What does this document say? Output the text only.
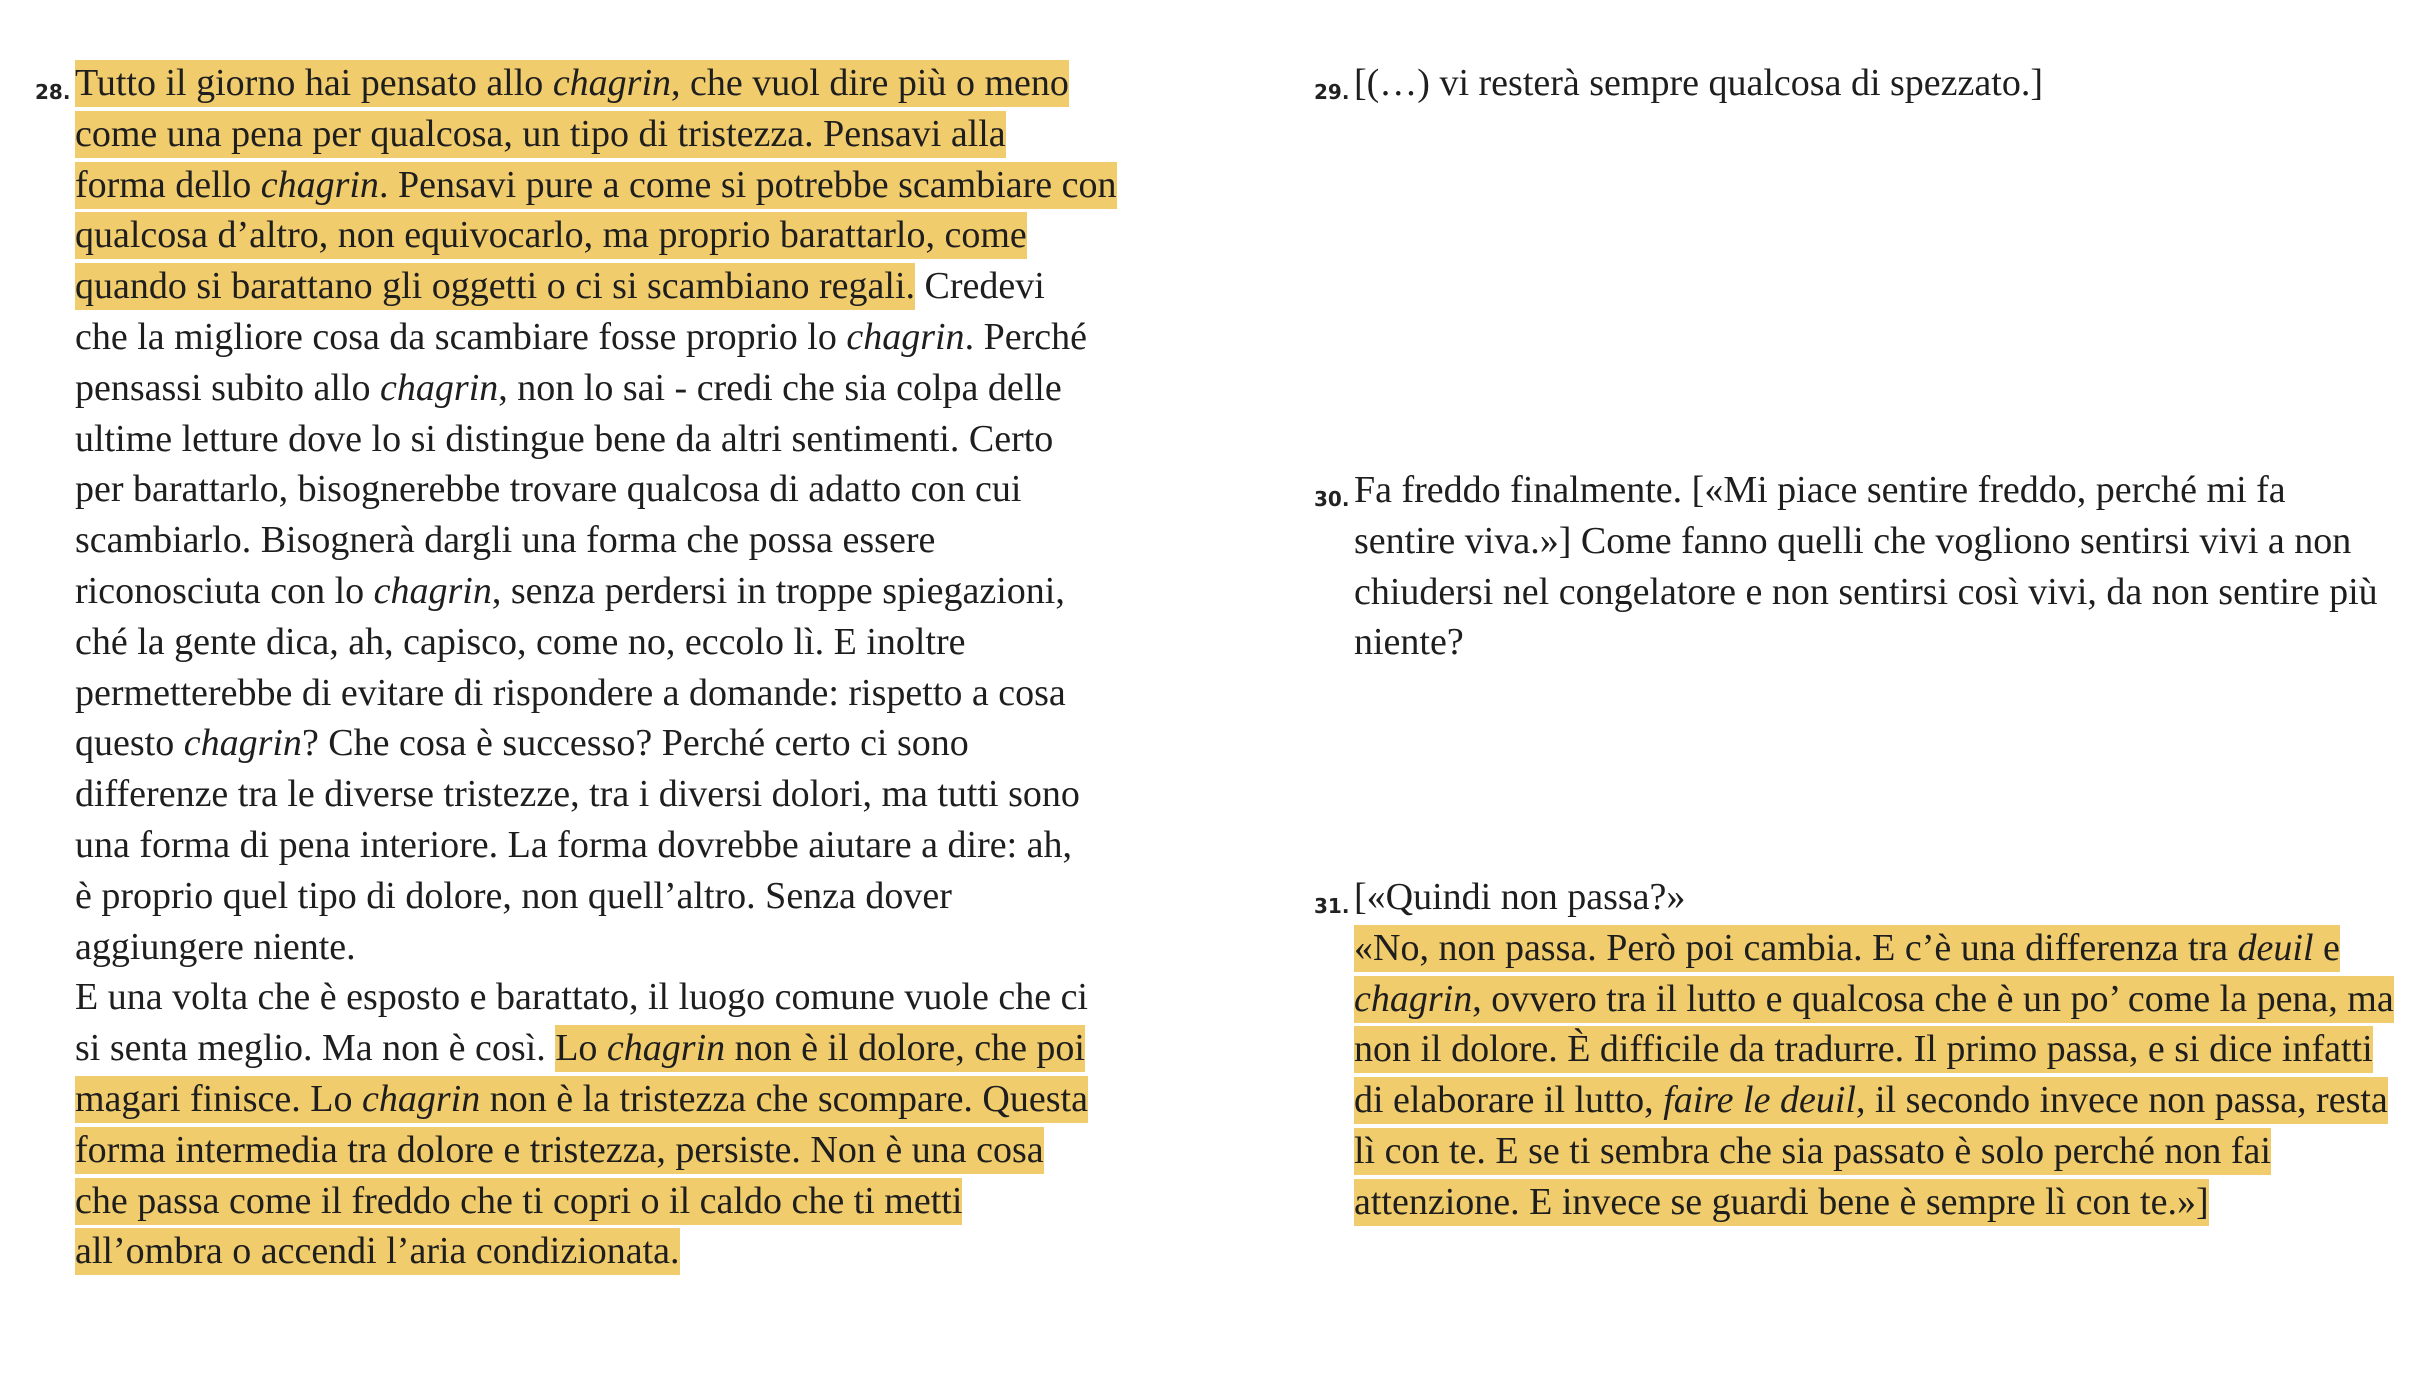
28. Tutto il giorno hai pensato allo chagrin, che vuol dire più o meno
come una pena per qualcosa, un tipo di tristezza. Pensavi alla
forma dello chagrin. Pensavi pure a come si potrebbe scambiare con
qualcosa d’altro, non equivocarlo, ma proprio barattarlo, come
quando si barattano gli oggetti o ci si scambiano regali. Credevi
che la migliore cosa da scambiare fosse proprio lo chagrin. Perché
pensassi subito allo chagrin, non lo sai - credi che sia colpa delle
ultime letture dove lo si distingue bene da altri sentimenti. Certo
per barattarlo, bisognerebbe trovare qualcosa di adatto con cui
scambiarlo. Bisognerà dargli una forma che possa essere
riconosciuta con lo chagrin, senza perdersi in troppe spiegazioni,
ché la gente dica, ah, capisco, come no, eccolo lì. E inoltre
permetterebbe di evitare di rispondere a domande: rispetto a cosa
questo chagrin? Che cosa è successo? Perché certo ci sono
differenze tra le diverse tristezze, tra i diversi dolori, ma tutti sono
una forma di pena interiore. La forma dovrebbe aiutare a dire: ah,
è proprio quel tipo di dolore, non quell’altro. Senza dover
aggiungere niente.
E una volta che è esposto e barattato, il luogo comune vuole che ci
si senta meglio. Ma non è così. Lo chagrin non è il dolore, che poi
magari finisce. Lo chagrin non è la tristezza che scompare. Questa
forma intermedia tra dolore e tristezza, persiste. Non è una cosa
che passa come il freddo che ti copri o il caldo che ti metti
all’ombra o accendi l’aria condizionata.
29. [(…) vi resterà sempre qualcosa di spezzato.]
30. Fa freddo finalmente. [«Mi piace sentire freddo, perché mi fa
sentire viva.»] Come fanno quelli che vogliono sentirsi vivi a non
chiudersi nel congelatore e non sentirsi così vivi, da non sentire più
niente?
31. [«Quindi non passa?»
«No, non passa. Però poi cambia. E c’è una differenza tra deuil e
chagrin, ovvero tra il lutto e qualcosa che è un po’ come la pena, ma
non il dolore. È difficile da tradurre. Il primo passa, e si dice infatti
di elaborare il lutto, faire le deuil, il secondo invece non passa, resta
lì con te. E se ti sembra che sia passato è solo perché non fai
attenzione. E invece se guardi bene è sempre lì con te.»]
